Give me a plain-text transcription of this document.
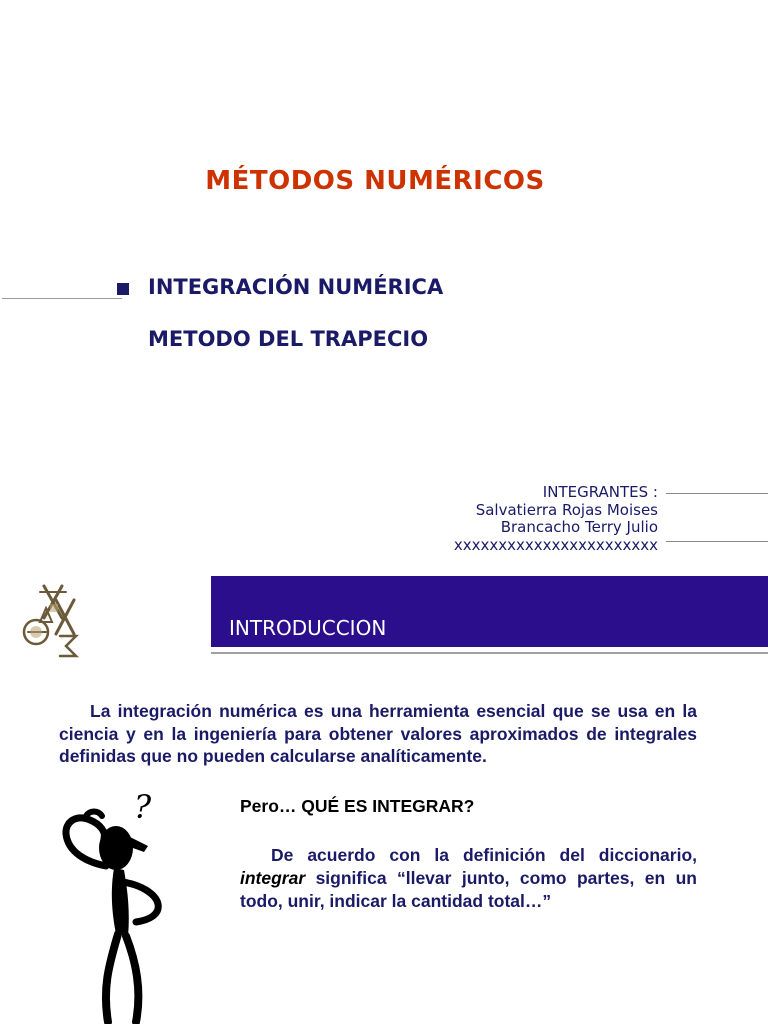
MÉTODOS NUMÉRICOS
INTEGRACIÓN NUMÉRICA
METODO DEL TRAPECIO
INTEGRANTES :
Salvatierra Rojas Moises
Brancacho Terry Julio
xxxxxxxxxxxxxxxxxxxxxxx
INTRODUCCION
La integración numérica es una herramienta esencial que se usa en la ciencia y en la ingeniería para obtener valores aproximados de integrales definidas que no pueden calcularse analíticamente.
Pero… QUÉ ES INTEGRAR?
De acuerdo con la definición del diccionario, integrar significa “llevar junto, como partes, en un todo, unir, indicar la cantidad total…”
?
